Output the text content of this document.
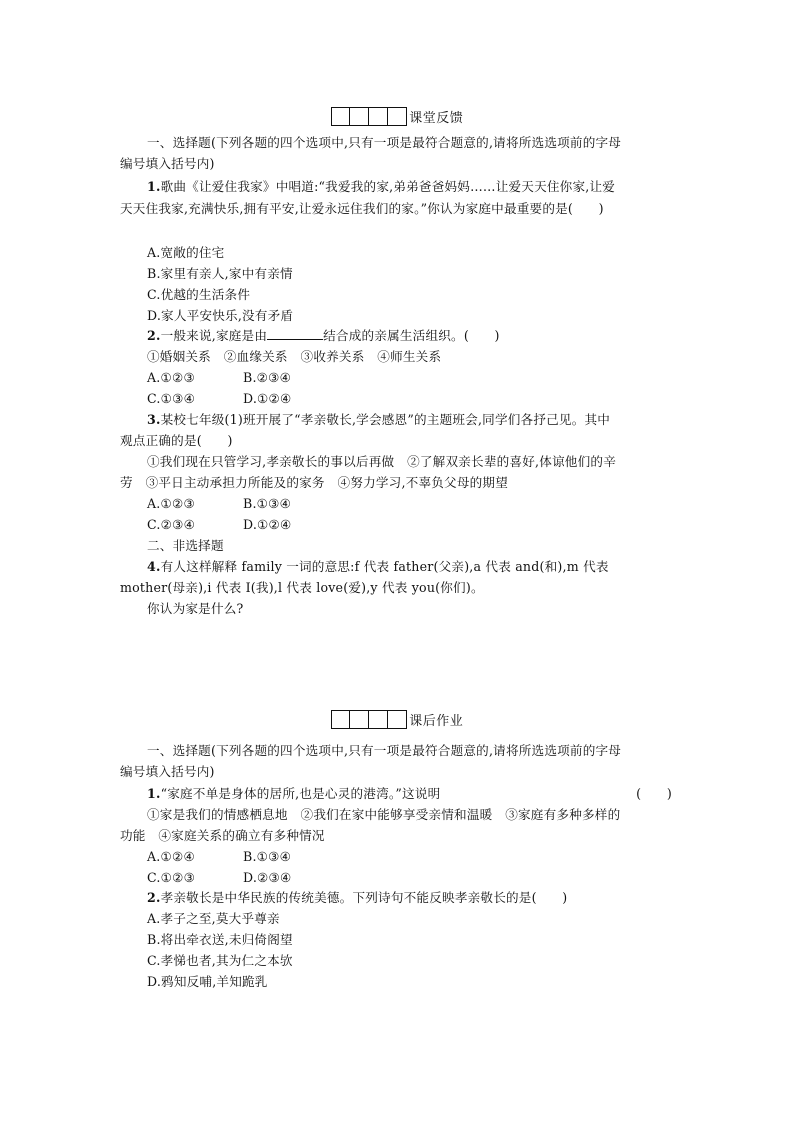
课堂反馈
一、选择题(下列各题的四个选项中,只有一项是最符合题意的,请将所选选项前的字母
编号填入括号内)
1.歌曲《让爱住我家》中唱道:“我爱我的家,弟弟爸爸妈妈……让爱天天住你家,让爱
天天住我家,充满快乐,拥有平安,让爱永远住我们的家。”你认为家庭中最重要的是(　　)
A.宽敞的住宅
B.家里有亲人,家中有亲情
C.优越的生活条件
D.家人平安快乐,没有矛盾
2.一般来说,家庭是由	结合成的亲属生活组织。(　　)
①婚姻关系　②血缘关系　③收养关系　④师生关系
A.①②③	B.②③④
C.①③④	D.①②④
3.某校七年级(1)班开展了“孝亲敬长,学会感恩”的主题班会,同学们各抒己见。其中
观点正确的是(　　)
①我们现在只管学习,孝亲敬长的事以后再做　②了解双亲长辈的喜好,体谅他们的辛
劳　③平日主动承担力所能及的家务　④努力学习,不辜负父母的期望
A.①②③	B.①③④
C.②③④	D.①②④
二、非选择题
4.有人这样解释 family 一词的意思:f 代表 father(父亲),a 代表 and(和),m 代表
mother(母亲),i 代表 I(我),l 代表 love(爱),y 代表 you(你们)。
你认为家是什么?
课后作业
一、选择题(下列各题的四个选项中,只有一项是最符合题意的,请将所选选项前的字母
编号填入括号内)
1.“家庭不单是身体的居所,也是心灵的港湾。”这说明	(　　)
①家是我们的情感栖息地　②我们在家中能够享受亲情和温暖　③家庭有多种多样的
功能　④家庭关系的确立有多种情况
A.①②④	B.①③④
C.①②③	D.②③④
2.孝亲敬长是中华民族的传统美德。下列诗句不能反映孝亲敬长的是(　　)
A.孝子之至,莫大乎尊亲
B.将出牵衣送,未归倚阁望
C.孝悌也者,其为仁之本欤
D.鸦知反哺,羊知跪乳
